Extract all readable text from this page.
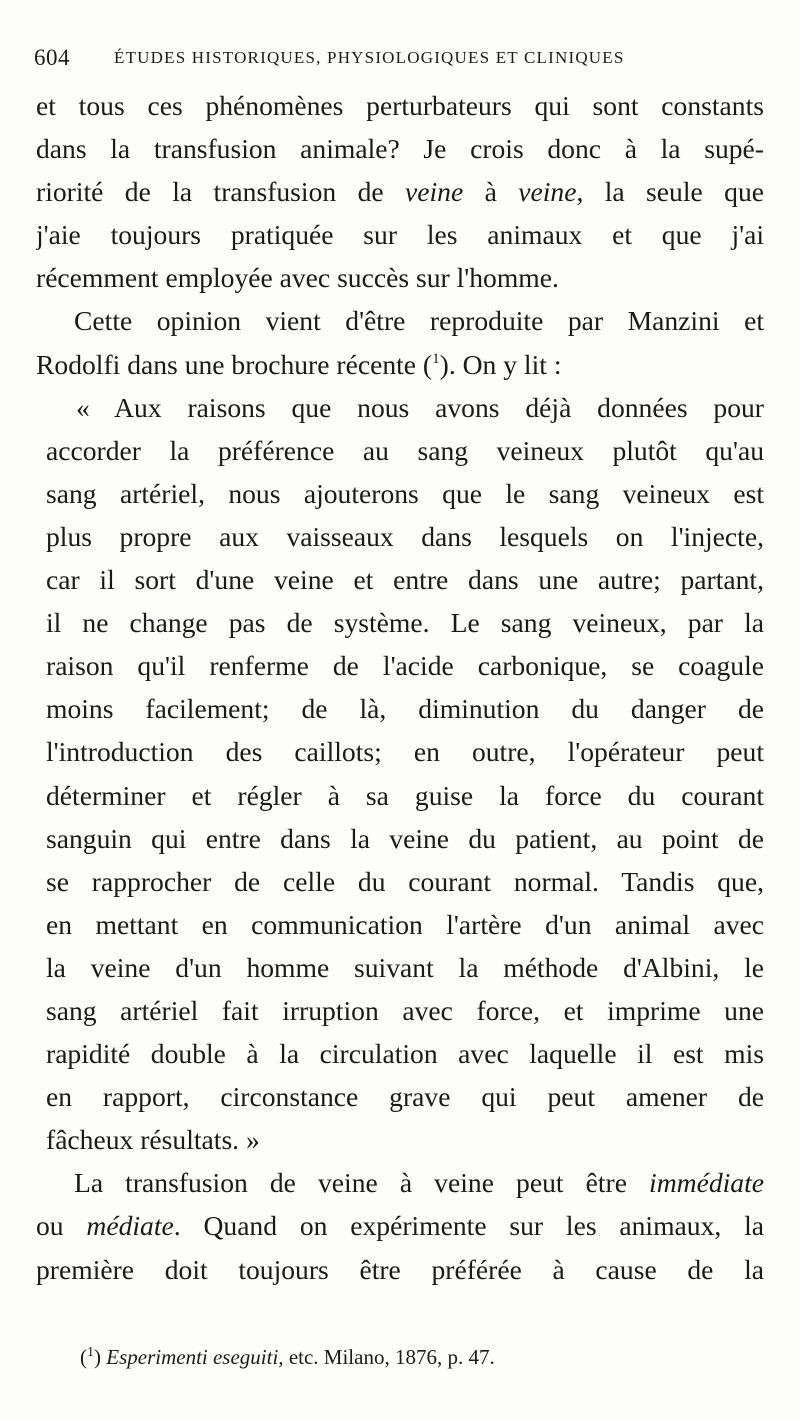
604	ÉTUDES HISTORIQUES, PHYSIOLOGIQUES ET CLINIQUES
et tous ces phénomènes perturbateurs qui sont constants
dans la transfusion animale? Je crois donc à la supé-
riorité de la transfusion de veine à veine, la seule que
j'aie toujours pratiquée sur les animaux et que j'ai
récemment employée avec succès sur l'homme.
Cette opinion vient d'être reproduite par Manzini et
Rodolfi dans une brochure récente ($^1$). On y lit :
« Aux raisons que nous avons déjà données pour
accorder la préférence au sang veineux plutôt qu'au
sang artériel, nous ajouterons que le sang veineux est
plus propre aux vaisseaux dans lesquels on l'injecte,
car il sort d'une veine et entre dans une autre; partant,
il ne change pas de système. Le sang veineux, par la
raison qu'il renferme de l'acide carbonique, se coagule
moins facilement; de là, diminution du danger de
l'introduction des caillots; en outre, l'opérateur peut
déterminer et régler à sa guise la force du courant
sanguin qui entre dans la veine du patient, au point de
se rapprocher de celle du courant normal. Tandis que,
en mettant en communication l'artère d'un animal avec
la veine d'un homme suivant la méthode d'Albini, le
sang artériel fait irruption avec force, et imprime une
rapidité double à la circulation avec laquelle il est mis
en rapport, circonstance grave qui peut amener de
fâcheux résultats. »
La transfusion de veine à veine peut être immédiate
ou médiate. Quand on expérimente sur les animaux, la
première doit toujours être préférée à cause de la
($^1$) Esperimenti eseguiti, etc. Milano, 1876, p. 47.
